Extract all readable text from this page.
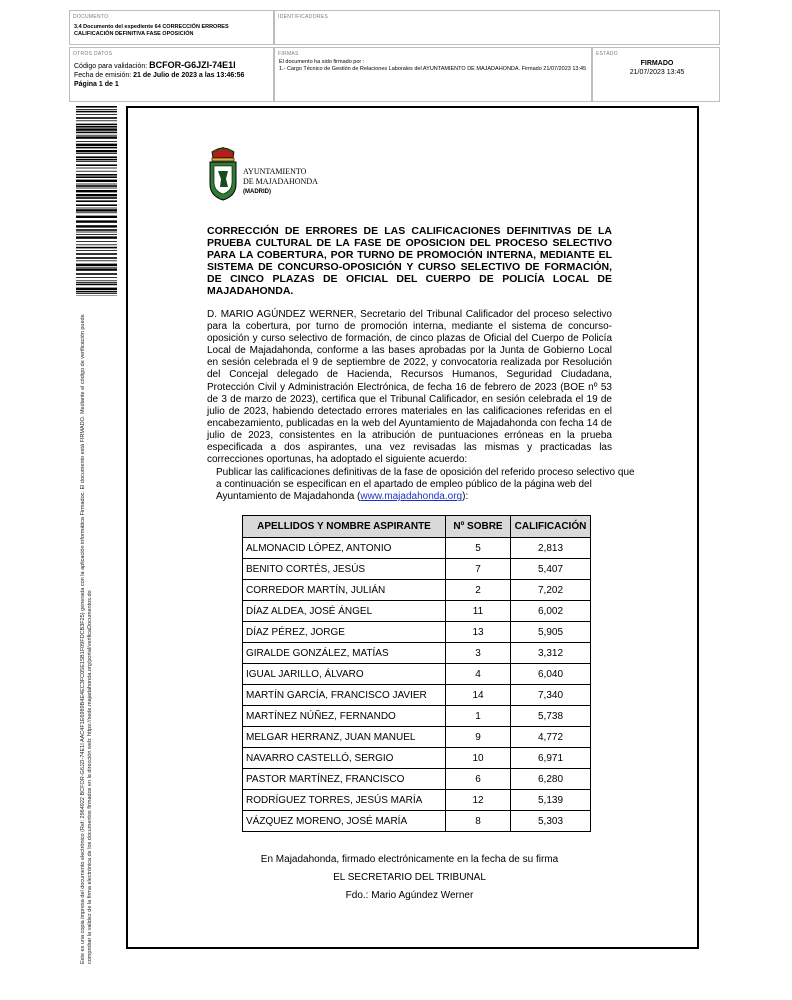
DOCUMENTO
3.4 Documento del expediente 64 CORRECCIÓN ERRORES CALIFICACIÓN DEFINITIVA FASE OPOSICIÓN
IDENTIFICADORES
OTROS DATOS
Código para validación: BCFOR-G6JZI-74E1I
Fecha de emisión: 21 de Julio de 2023 a las 13:46:56
Página 1 de 1
FIRMAS
El documento ha sido firmado por :
1.- Cargo Técnico de Gestión de Relaciones Laborales del AYUNTAMIENTO DE MAJADAHONDA. Firmado 21/07/2023 13:45
ESTADO
FIRMADO
21/07/2023 13:45
Este es una copia impresa del documento electrónico (Ref: 2964922 BCFOR-G6JZI-74E1I AAC4F1E6989B4E4EC3FC05E15B1F09FDCB3F25) generada con la aplicación informática Firmadoc. El documento está FIRMADO. Mediante el código de verificación puede comprobar la validez de la firma electrónica de los documentos firmados en la dirección web: https://sede.majadahonda.org/portal/verificaDocumentos.do
AYUNTAMIENTO
DE MAJADAHONDA
(MADRID)
CORRECCIÓN DE ERRORES DE LAS CALIFICACIONES DEFINITIVAS DE LA PRUEBA CULTURAL DE LA FASE DE OPOSICION DEL PROCESO SELECTIVO PARA LA COBERTURA, POR TURNO DE PROMOCIÓN INTERNA, MEDIANTE EL SISTEMA DE CONCURSO-OPOSICIÓN Y CURSO SELECTIVO DE FORMACIÓN, DE CINCO PLAZAS DE OFICIAL DEL CUERPO DE POLICÍA LOCAL DE MAJADAHONDA.
D. MARIO AGÚNDEZ WERNER, Secretario del Tribunal Calificador del proceso selectivo para la cobertura, por turno de promoción interna, mediante el sistema de concurso-oposición y curso selectivo de formación, de cinco plazas de Oficial del Cuerpo de Policía Local de Majadahonda, conforme a las bases aprobadas por la Junta de Gobierno Local en sesión celebrada el 9 de septiembre de 2022, y convocatoria realizada por Resolución del Concejal delegado de Hacienda, Recursos Humanos, Seguridad Ciudadana, Protección Civil y Administración Electrónica, de fecha 16 de febrero de 2023 (BOE nº 53 de 3 de marzo de 2023), certifica que el Tribunal Calificador, en sesión celebrada el 19 de julio de 2023, habiendo detectado errores materiales en las calificaciones referidas en el encabezamiento, publicadas en la web del Ayuntamiento de Majadahonda con fecha 14 de julio de 2023, consistentes en la atribución de puntuaciones erróneas en la prueba especificada a dos aspirantes, una vez revisadas las mismas y practicadas las correcciones oportunas, ha adoptado el siguiente acuerdo:
Publicar las calificaciones definitivas de la fase de oposición del referido proceso selectivo que a continuación se especifican en el apartado de empleo público de la página web del Ayuntamiento de Majadahonda (www.majadahonda.org):
APELLIDOS Y NOMBRE ASPIRANTE	Nº SOBRE	CALIFICACIÓN
ALMONACID LÓPEZ, ANTONIO	5	2,813
BENITO CORTÉS, JESÚS	7	5,407
CORREDOR MARTÍN, JULIÁN	2	7,202
DÍAZ ALDEA, JOSÉ ÁNGEL	11	6,002
DÍAZ PÉREZ, JORGE	13	5,905
GIRALDE GONZÁLEZ, MATÍAS	3	3,312
IGUAL JARILLO, ÁLVARO	4	6,040
MARTÍN GARCÍA, FRANCISCO JAVIER	14	7,340
MARTÍNEZ NÚÑEZ, FERNANDO	1	5,738
MELGAR HERRANZ, JUAN MANUEL	9	4,772
NAVARRO CASTELLÓ, SERGIO	10	6,971
PASTOR MARTÍNEZ, FRANCISCO	6	6,280
RODRÍGUEZ TORRES, JESÚS MARÍA	12	5,139
VÁZQUEZ MORENO, JOSÉ MARÍA	8	5,303
En Majadahonda, firmado electrónicamente en la fecha de su firma
EL SECRETARIO DEL TRIBUNAL
Fdo.: Mario Agúndez Werner
